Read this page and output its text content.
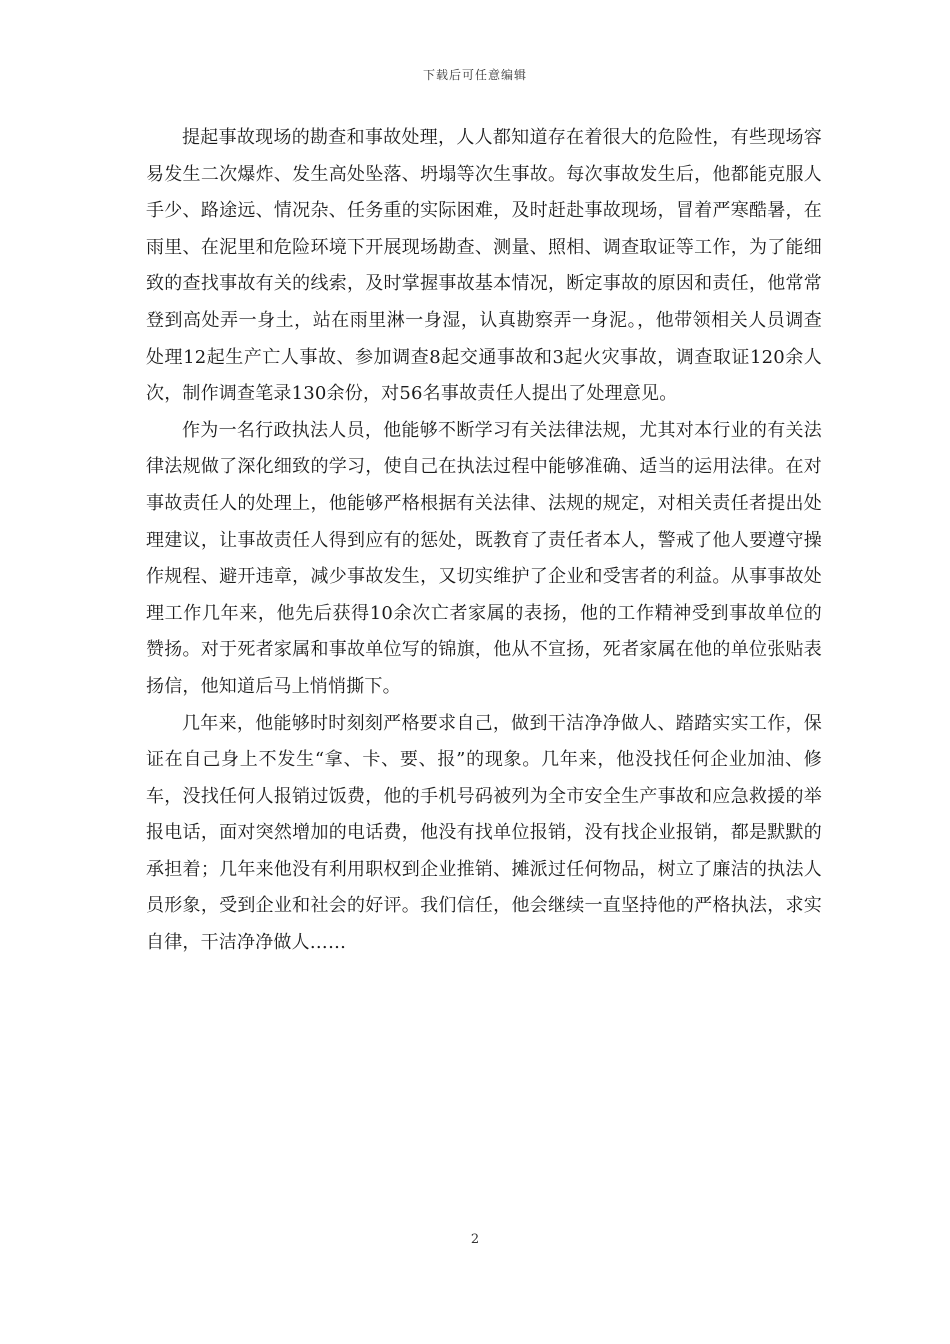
下载后可任意编辑

提起事故现场的勘查和事故处理，人人都知道存在着很大的危险性，有些现场容易发生二次爆炸、发生高处坠落、坍塌等次生事故。每次事故发生后，他都能克服人手少、路途远、情况杂、任务重的实际困难，及时赶赴事故现场，冒着严寒酷暑，在雨里、在泥里和危险环境下开展现场勘查、测量、照相、调查取证等工作，为了能细致的查找事故有关的线索，及时掌握事故基本情况，断定事故的原因和责任，他常常登到高处弄一身土，站在雨里淋一身湿，认真勘察弄一身泥。，他带领相关人员调查处理12起生产亡人事故、参加调查8起交通事故和3起火灾事故，调查取证120余人次，制作调查笔录130余份，对56名事故责任人提出了处理意见。

作为一名行政执法人员，他能够不断学习有关法律法规，尤其对本行业的有关法律法规做了深化细致的学习，使自己在执法过程中能够准确、适当的运用法律。在对事故责任人的处理上，他能够严格根据有关法律、法规的规定，对相关责任者提出处理建议，让事故责任人得到应有的惩处，既教育了责任者本人，警戒了他人要遵守操作规程、避开违章，减少事故发生，又切实维护了企业和受害者的利益。从事事故处理工作几年来，他先后获得10余次亡者家属的表扬，他的工作精神受到事故单位的赞扬。对于死者家属和事故单位写的锦旗，他从不宣扬，死者家属在他的单位张贴表扬信，他知道后马上悄悄撕下。

几年来，他能够时时刻刻严格要求自己，做到干洁净净做人、踏踏实实工作，保证在自己身上不发生“拿、卡、要、报”的现象。几年来，他没找任何企业加油、修车，没找任何人报销过饭费，他的手机号码被列为全市安全生产事故和应急救援的举报电话，面对突然增加的电话费，他没有找单位报销，没有找企业报销，都是默默的承担着；几年来他没有利用职权到企业推销、摊派过任何物品，树立了廉洁的执法人员形象，受到企业和社会的好评。我们信任，他会继续一直坚持他的严格执法，求实自律，干洁净净做人……

2
